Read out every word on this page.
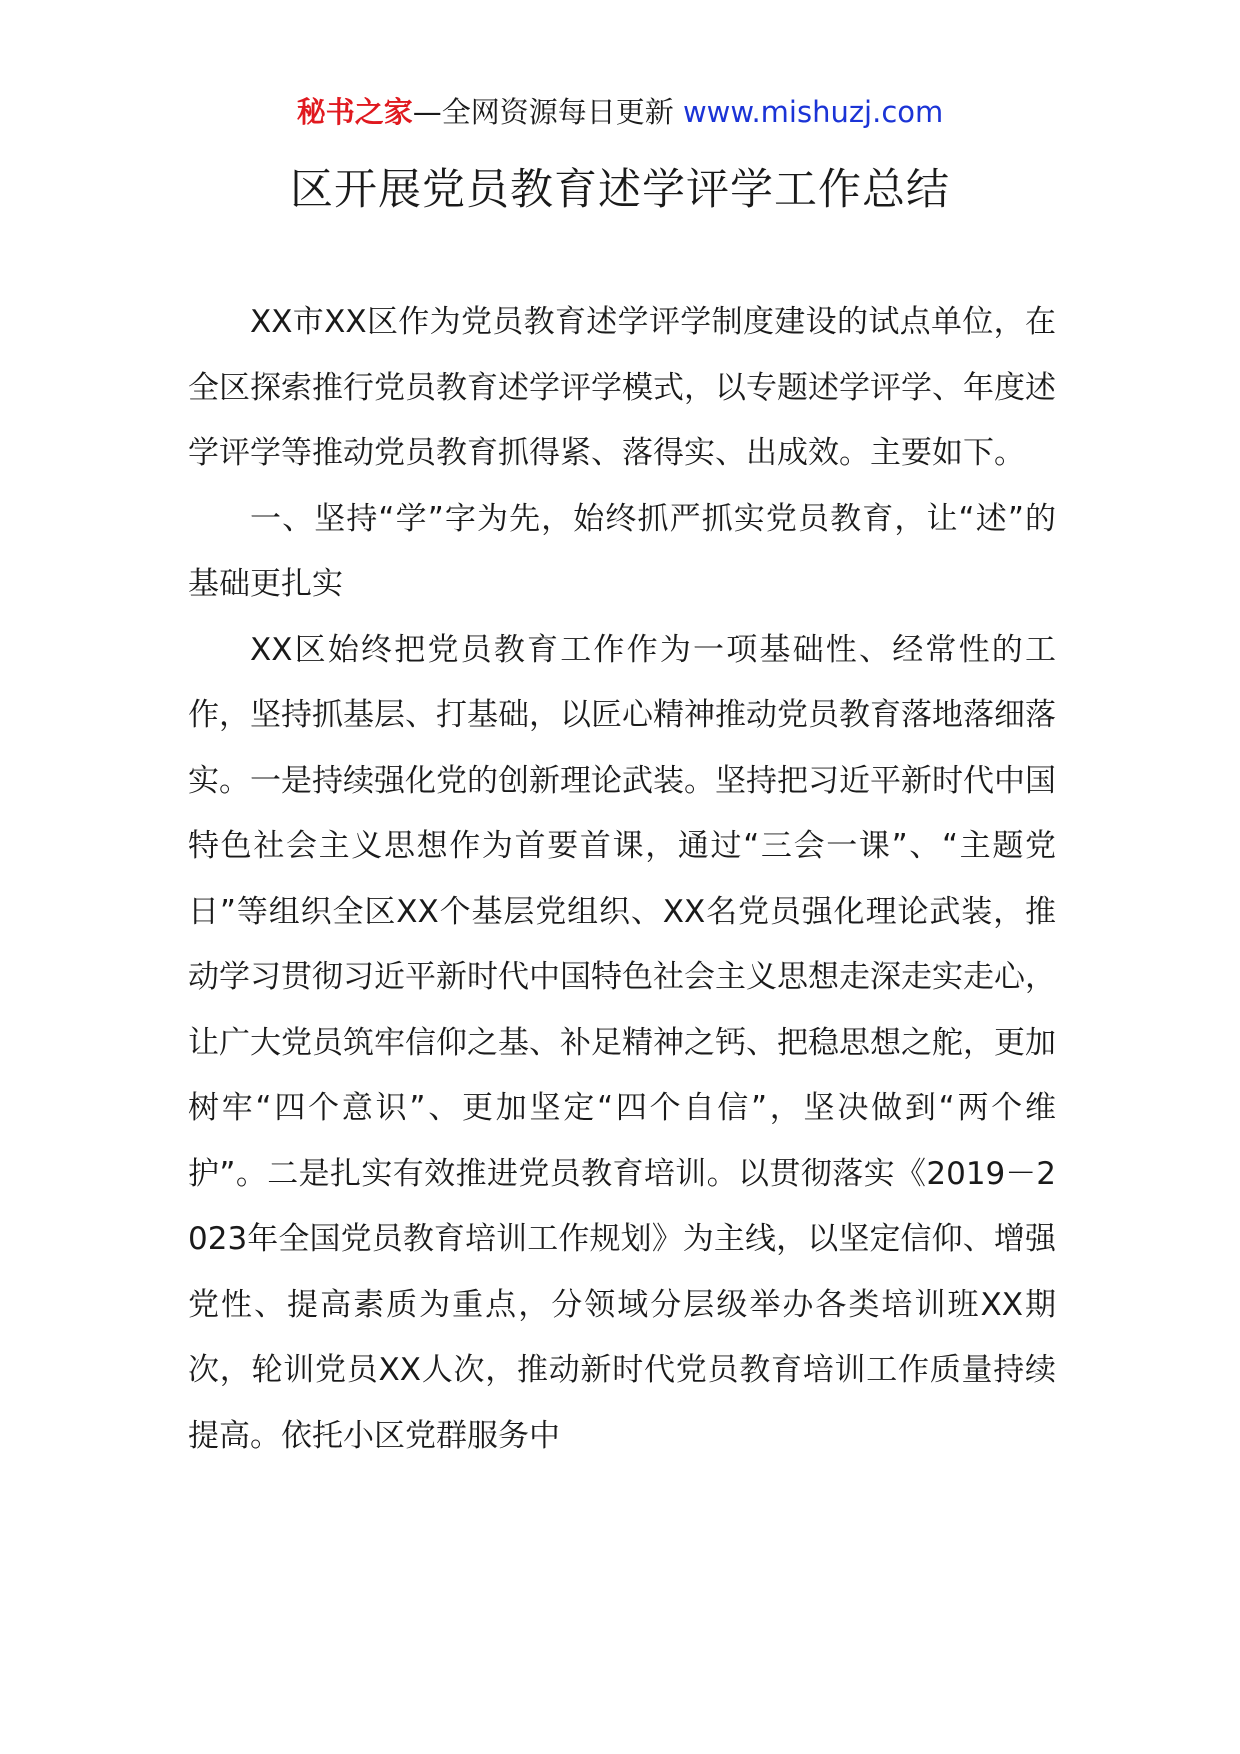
秘书之家—全网资源每日更新 www.mishuzj.com
区开展党员教育述学评学工作总结

XX市XX区作为党员教育述学评学制度建设的试点单位，在全区探索推行党员教育述学评学模式，以专题述学评学、年度述学评学等推动党员教育抓得紧、落得实、出成效。主要如下。

一、坚持“学”字为先，始终抓严抓实党员教育，让“述”的基础更扎实

XX区始终把党员教育工作作为一项基础性、经常性的工作，坚持抓基层、打基础，以匠心精神推动党员教育落地落细落实。一是持续强化党的创新理论武装。坚持把习近平新时代中国特色社会主义思想作为首要首课，通过“三会一课”、“主题党日”等组织全区XX个基层党组织、XX名党员强化理论武装，推动学习贯彻习近平新时代中国特色社会主义思想走深走实走心，让广大党员筑牢信仰之基、补足精神之钙、把稳思想之舵，更加树牢“四个意识”、更加坚定“四个自信”，坚决做到“两个维护”。二是扎实有效推进党员教育培训。以贯彻落实《2019－2023年全国党员教育培训工作规划》为主线，以坚定信仰、增强党性、提高素质为重点，分领域分层级举办各类培训班XX期次，轮训党员XX人次，推动新时代党员教育培训工作质量持续提高。依托小区党群服务中
